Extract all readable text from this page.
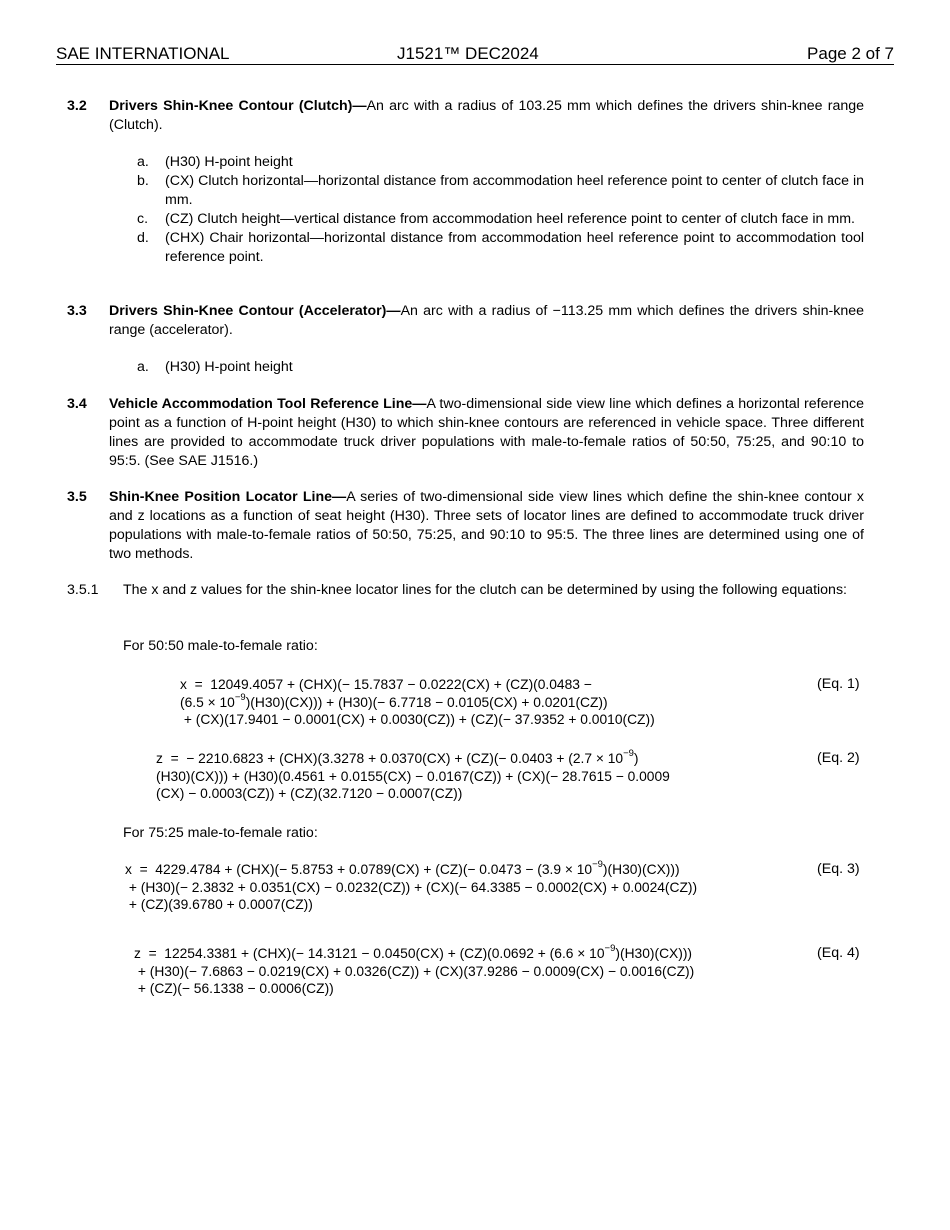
SAE INTERNATIONAL	J1521™ DEC2024	Page 2 of 7
3.2 Drivers Shin-Knee Contour (Clutch)—An arc with a radius of 103.25 mm which defines the drivers shin-knee range (Clutch).
a. (H30) H-point height
b. (CX) Clutch horizontal—horizontal distance from accommodation heel reference point to center of clutch face in mm.
c. (CZ) Clutch height—vertical distance from accommodation heel reference point to center of clutch face in mm.
d. (CHX) Chair horizontal—horizontal distance from accommodation heel reference point to accommodation tool reference point.
3.3 Drivers Shin-Knee Contour (Accelerator)—An arc with a radius of −113.25 mm which defines the drivers shin-knee range (accelerator).
a. (H30) H-point height
3.4 Vehicle Accommodation Tool Reference Line—A two-dimensional side view line which defines a horizontal reference point as a function of H-point height (H30) to which shin-knee contours are referenced in vehicle space. Three different lines are provided to accommodate truck driver populations with male-to-female ratios of 50:50, 75:25, and 90:10 to 95:5. (See SAE J1516.)
3.5 Shin-Knee Position Locator Line—A series of two-dimensional side view lines which define the shin-knee contour x and z locations as a function of seat height (H30). Three sets of locator lines are defined to accommodate truck driver populations with male-to-female ratios of 50:50, 75:25, and 90:10 to 95:5. The three lines are determined using one of two methods.
3.5.1 The x and z values for the shin-knee locator lines for the clutch can be determined by using the following equations:
For 50:50 male-to-female ratio:
x  =  12049.4057 + (CHX)(− 15.7837 − 0.0222(CX) + (CZ)(0.0483 −
$(6.5 \times 10^{-9})(H30)(CX))) + (H30)(- 6.7718 - 0.0105(CX) + 0.0201(CZ))$
+ (CX)(17.9401 − 0.0001(CX) + 0.0030(CZ)) + (CZ)(− 37.9352 + 0.0010(CZ))
(Eq. 1)
z  =  − $2210.6823 + (CHX)(3.3278 + 0.0370(CX) + (CZ)(- 0.0403 + (2.7 \times 10^{-9})$
(H30)(CX))) + (H30)(0.4561 + 0.0155(CX) − 0.0167(CZ)) + (CX)(− 28.7615 − 0.0009
(CX) − 0.0003(CZ)) + (CZ)(32.7120 − 0.0007(CZ))
(Eq. 2)
For 75:25 male-to-female ratio:
$x = 4229.4784 + (CHX)(- 5.8753 + 0.0789(CX) + (CZ)(- 0.0473 - (3.9 \times 10^{-9})(H30)(CX)))$
+ (H30)(− 2.3832 + 0.0351(CX) − 0.0232(CZ)) + (CX)(− 64.3385 − 0.0002(CX) + 0.0024(CZ))
+ (CZ)(39.6780 + 0.0007(CZ))
(Eq. 3)
$z = 12254.3381 + (CHX)(- 14.3121 - 0.0450(CX) + (CZ)(0.0692 + (6.6 \times 10^{-9})(H30)(CX)))$
+ (H30)(− 7.6863 − 0.0219(CX) + 0.0326(CZ)) + (CX)(37.9286 − 0.0009(CX) − 0.0016(CZ))
+ (CZ)(− 56.1338 − 0.0006(CZ))
(Eq. 4)
